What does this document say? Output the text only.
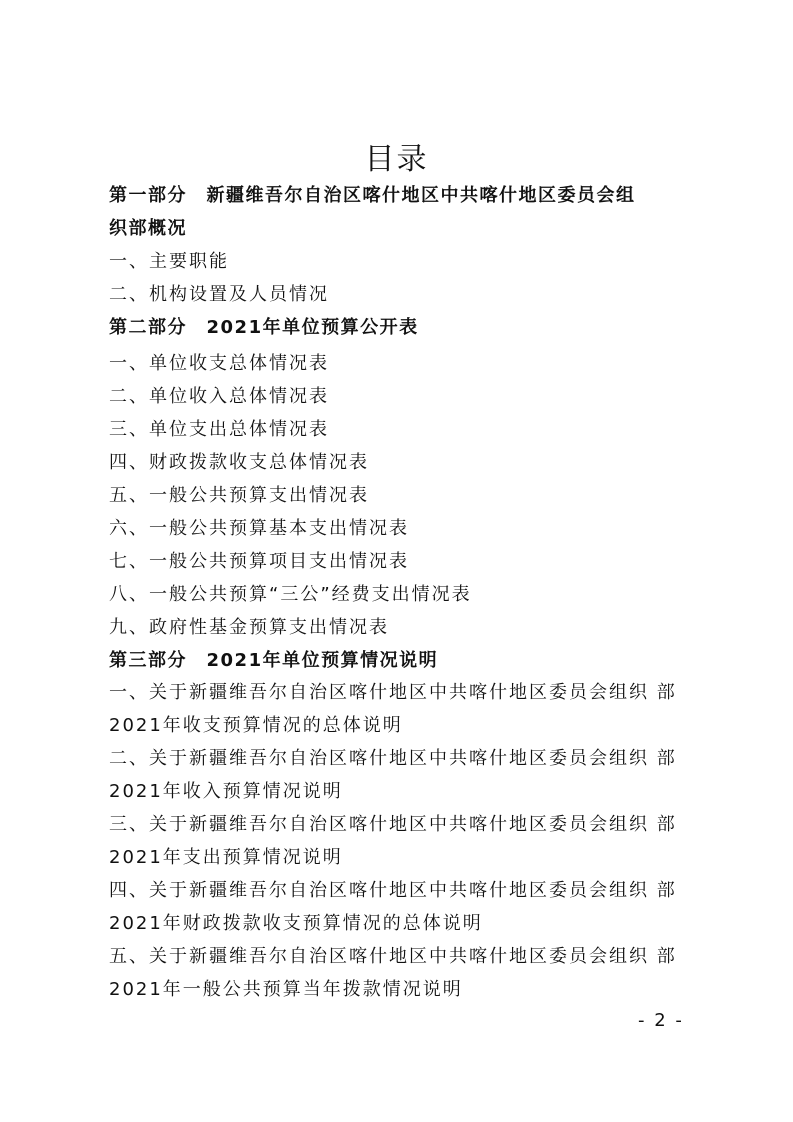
目录
第一部分　新疆维吾尔自治区喀什地区中共喀什地区委员会组
织部概况
一、主要职能
二、机构设置及人员情况
第二部分　2021年单位预算公开表
一、单位收支总体情况表
二、单位收入总体情况表
三、单位支出总体情况表
四、财政拨款收支总体情况表
五、一般公共预算支出情况表
六、一般公共预算基本支出情况表
七、一般公共预算项目支出情况表
八、一般公共预算“三公”经费支出情况表
九、政府性基金预算支出情况表
第三部分　2021年单位预算情况说明
一、关于新疆维吾尔自治区喀什地区中共喀什地区委员会组织 部
2021年收支预算情况的总体说明
二、关于新疆维吾尔自治区喀什地区中共喀什地区委员会组织 部
2021年收入预算情况说明
三、关于新疆维吾尔自治区喀什地区中共喀什地区委员会组织 部
2021年支出预算情况说明
四、关于新疆维吾尔自治区喀什地区中共喀什地区委员会组织 部
2021年财政拨款收支预算情况的总体说明
五、关于新疆维吾尔自治区喀什地区中共喀什地区委员会组织 部
2021年一般公共预算当年拨款情况说明
- 2 -
